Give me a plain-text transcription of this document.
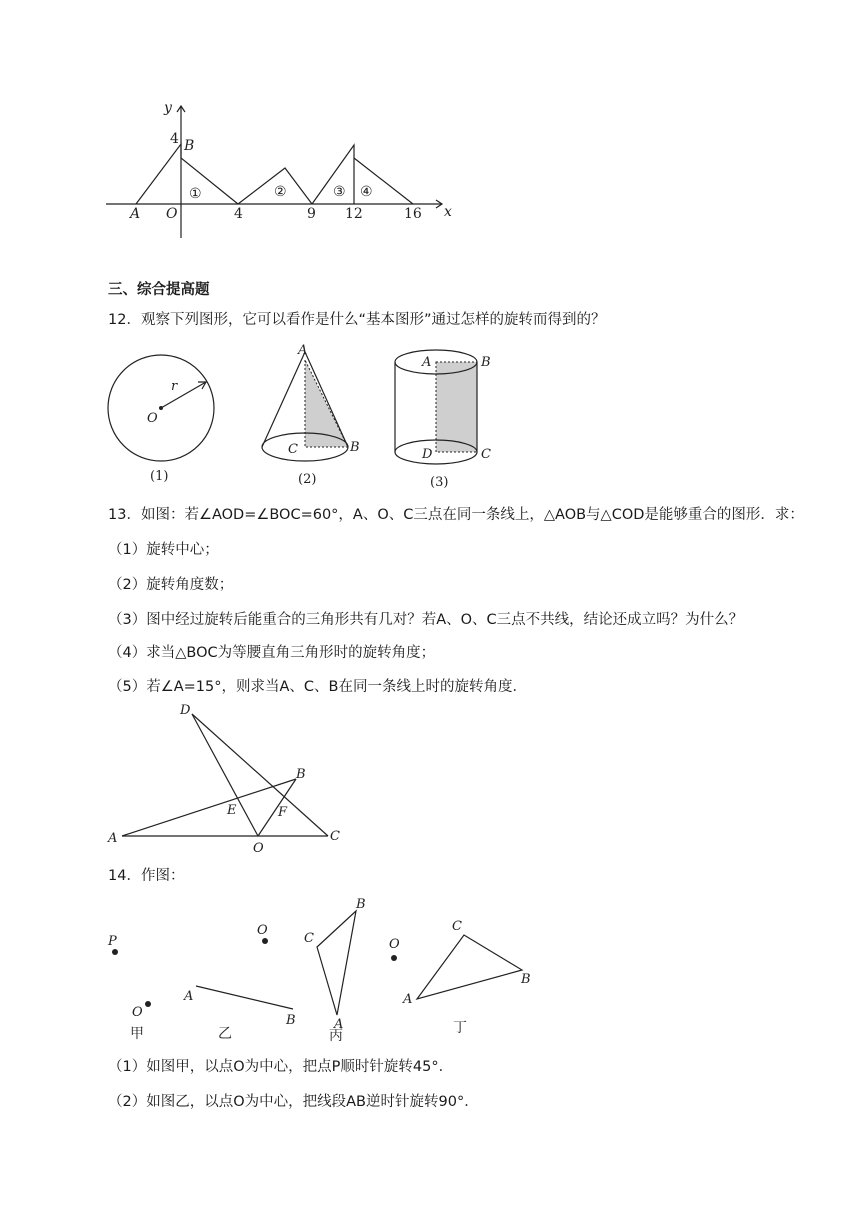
y
x
4 B
A O	4	9 12	16
①	②	③ ④
三、综合提高题
12．观察下列图形，它可以看作是什么“基本图形”通过怎样的旋转而得到的？
r
O
(1)
A
B
C
(2)
A	B
C
D
(3)
13．如图：若∠AOD=∠BOC=60°，A、O、C三点在同一条线上，△AOB与△COD是能够重合的图形．求：
（1）旋转中心；
（2）旋转角度数；
（3）图中经过旋转后能重合的三角形共有几对？若A、O、C三点不共线，结论还成立吗？为什么？
（4）求当△BOC为等腰直角三角形时的旋转角度；
（5）若∠A=15°，则求当A、C、B在同一条线上时的旋转角度．
D
B
E	F
A
O
C
14．作图：
P
O
甲
O
A
B
乙
B
C
A
丙
O
C
B
A
丁
（1）如图甲，以点O为中心，把点P顺时针旋转45°．
（2）如图乙，以点O为中心，把线段AB逆时针旋转90°．
